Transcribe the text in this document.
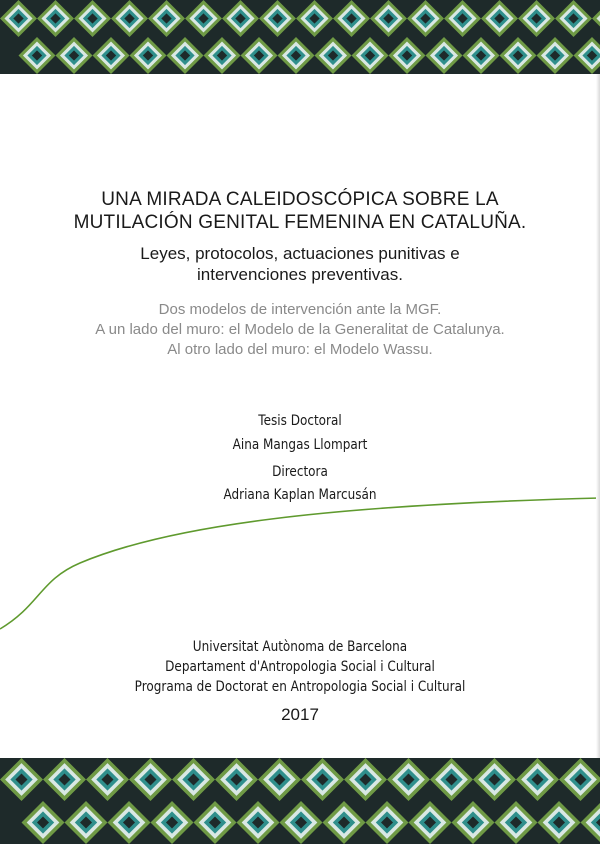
UNA MIRADA CALEIDOSCÓPICA SOBRE LA
MUTILACIÓN GENITAL FEMENINA EN CATALUÑA.
Leyes, protocolos, actuaciones punitivas e
intervenciones preventivas.
Dos modelos de intervención ante la MGF.
A un lado del muro: el Modelo de la Generalitat de Catalunya.
Al otro lado del muro: el Modelo Wassu.
Tesis Doctoral
Aina Mangas Llompart
Directora
Adriana Kaplan Marcusán
Universitat Autònoma de Barcelona
Departament d'Antropologia Social i Cultural
Programa de Doctorat en Antropologia Social i Cultural
2017
